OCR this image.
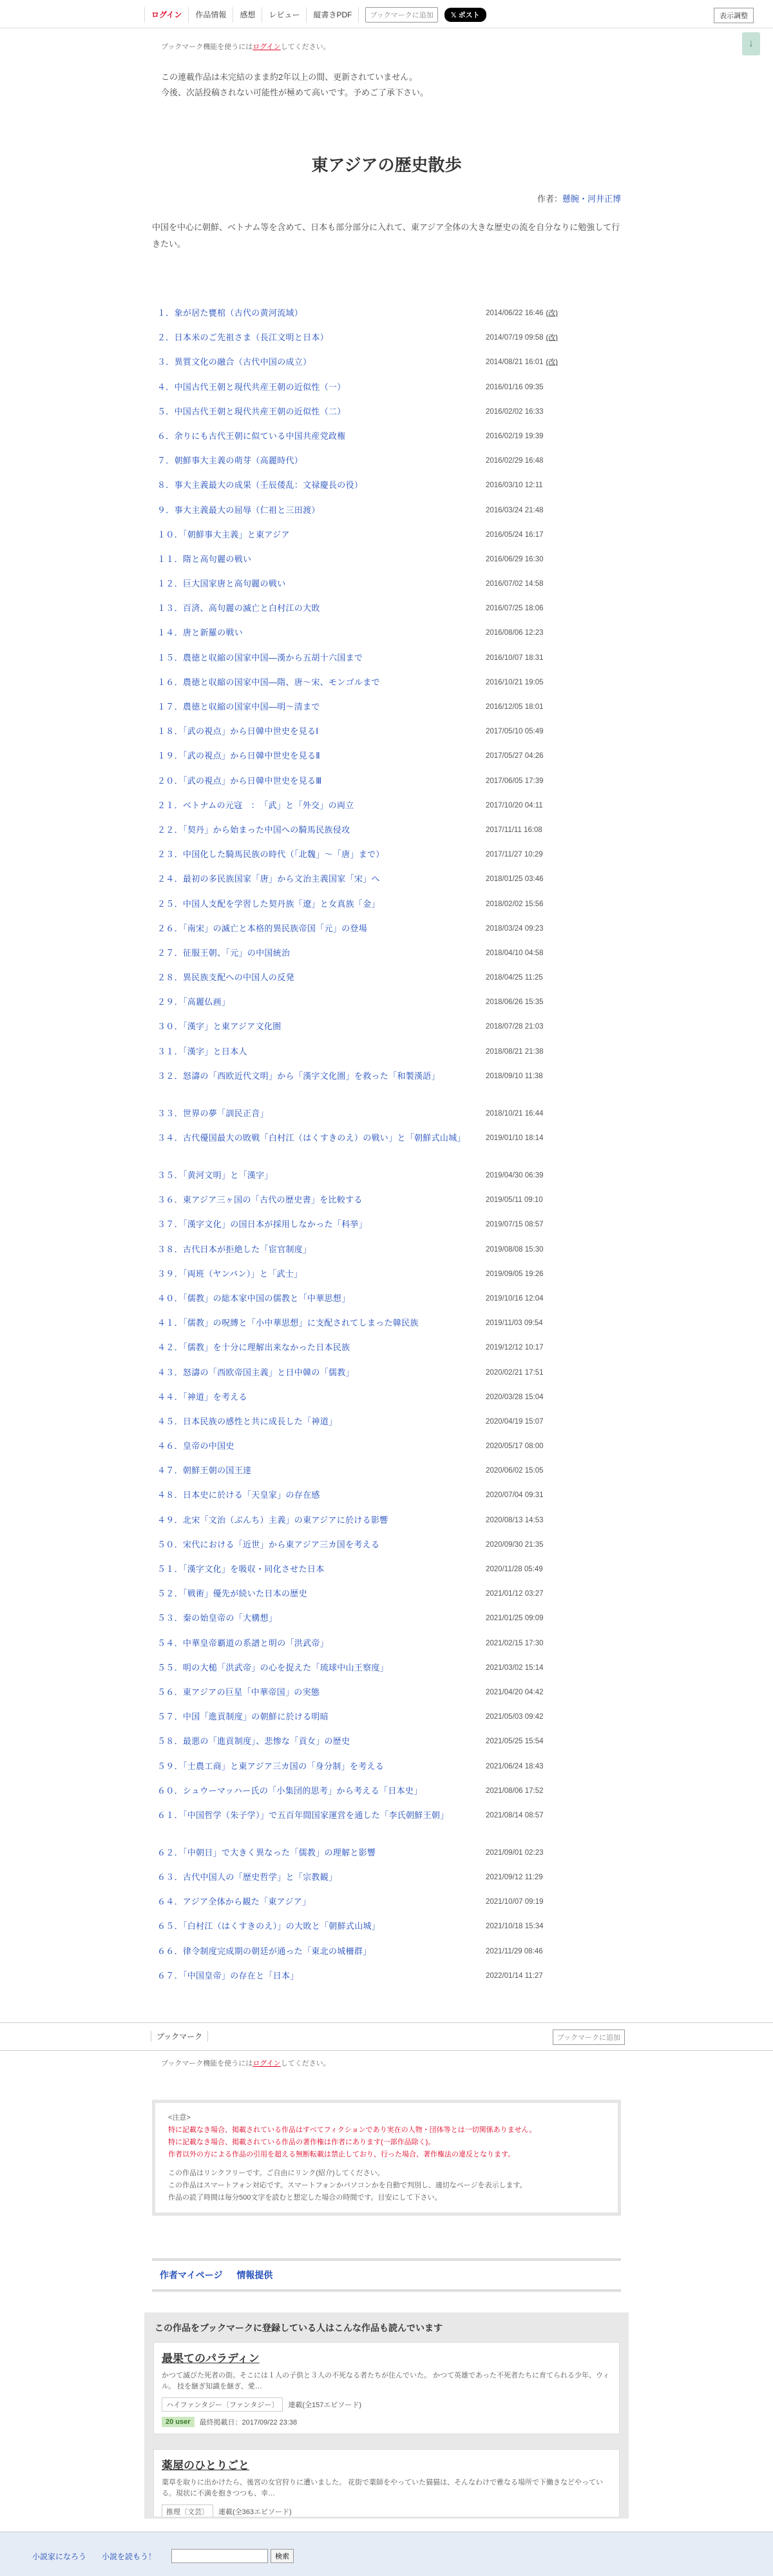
ログイン	作品情報	感想	レビュー	縦書きPDF	ブックマークに追加	𝕏 ポスト	表示調整
↓
ブックマーク機能を使うにはログインしてください。
この連載作品は未完結のまま約2年以上の間、更新されていません。
今後、次話投稿されない可能性が極めて高いです。予めご了承下さい。
東アジアの歴史散歩
作者：懸腕・河井正博
中国を中心に朝鮮、ベトナム等を含めて、日本も部分部分に入れて、東アジア全体の大きな歴史の流を自分なりに勉強して行きたい。
１．象が居た甕棺（古代の黄河流域）	2014/06/22 16:46 (改)
２．日本米のご先祖さま（長江文明と日本）	2014/07/19 09:58 (改)
３．異質文化の融合（古代中国の成立）	2014/08/21 16:01 (改)
４．中国古代王朝と現代共産王朝の近似性（一）	2016/01/16 09:35
５．中国古代王朝と現代共産王朝の近似性（二）	2016/02/02 16:33
６．余りにも古代王朝に似ている中国共産党政権	2016/02/19 19:39
７．朝鮮事大主義の萌芽（高麗時代）	2016/02/29 16:48
８．事大主義最大の成果（壬辰倭乱：文禄慶長の役）	2016/03/10 12:11
９．事大主義最大の屈辱（仁祖と三田渡）	2016/03/24 21:48
１０．「朝鮮事大主義」と東アジア	2016/05/24 16:17
１１．隋と高句麗の戦い	2016/06/29 16:30
１２．巨大国家唐と高句麗の戦い	2016/07/02 14:58
１３．百済、高句麗の滅亡と白村江の大敗	2016/07/25 18:06
１４．唐と新羅の戦い	2016/08/06 12:23
１５．農徳と収縮の国家中国―漢から五胡十六国まで	2016/10/07 18:31
１６．農徳と収縮の国家中国―隋、唐～宋、モンゴルまで	2016/10/21 19:05
１７．農徳と収縮の国家中国―明～清まで	2016/12/05 18:01
１８．「武の視点」から日韓中世史を見るⅠ	2017/05/10 05:49
１９．「武の視点」から日韓中世史を見るⅡ	2017/05/27 04:26
２０．「武の視点」から日韓中世史を見るⅢ	2017/06/05 17:39
２１．ベトナムの元寇　：　「武」と「外交」の両立	2017/10/20 04:11
２２．「契丹」から始まった中国への騎馬民族侵攻	2017/11/11 16:08
２３．中国化した騎馬民族の時代（「北魏」～「唐」まで）	2017/11/27 10:29
２４．最初の多民族国家「唐」から文治主義国家「宋」へ	2018/01/25 03:46
２５．中国人支配を学習した契丹族「遼」と女真族「金」	2018/02/02 15:56
２６．「南宋」の滅亡と本格的異民族帝国「元」の登場	2018/03/24 09:23
２７．征服王朝、「元」の中国統治	2018/04/10 04:58
２８．異民族支配への中国人の反発	2018/04/25 11:25
２９．「高麗仏画」	2018/06/26 15:35
３０．「漢字」と東アジア文化圏	2018/07/28 21:03
３１．「漢字」と日本人	2018/08/21 21:38
３２．怒濤の「西欧近代文明」から「漢字文化圏」を救った「和製漢語」	2018/09/10 11:38
３３．世界の夢「訓民正音」	2018/10/21 16:44
３４．古代優国最大の敗戦「白村江（はくすきのえ）の戦い」と「朝鮮式山城」	2019/01/10 18:14
３５．「黄河文明」と「漢字」	2019/04/30 06:39
３６．東アジア三ヶ国の「古代の歴史書」を比較する	2019/05/11 09:10
３７．「漢字文化」の国日本が採用しなかった「科挙」	2019/07/15 08:57
３８．古代日本が拒絶した「宦官制度」	2019/08/08 15:30
３９．「両班（ヤンバン）」と「武士」	2019/09/05 19:26
４０．「儒教」の総本家中国の儒教と「中華思想」	2019/10/16 12:04
４１．「儒教」の呪縛と「小中華思想」に支配されてしまった韓民族	2019/11/03 09:54
４２．「儒教」を十分に理解出来なかった日本民族	2019/12/12 10:17
４３．怒濤の「西欧帝国主義」と日中韓の「儒教」	2020/02/21 17:51
４４．「神道」を考える	2020/03/28 15:04
４５．日本民族の感性と共に成長した「神道」	2020/04/19 15:07
４６．皇帝の中国史	2020/05/17 08:00
４７．朝鮮王朝の国王達	2020/06/02 15:05
４８．日本史に於ける「天皇家」の存在感	2020/07/04 09:31
４９．北宋「文治（ぶんち）主義」の東アジアに於ける影響	2020/08/13 14:53
５０．宋代における「近世」から東アジア三カ国を考える	2020/09/30 21:35
５１．「漢字文化」を吸収・同化させた日本	2020/11/28 05:49
５２．「戦術」優先が続いた日本の歴史	2021/01/12 03:27
５３．秦の始皇帝の「大構想」	2021/01/25 09:09
５４．中華皇帝覇道の系譜と明の「洪武帝」	2021/02/15 17:30
５５．明の大槌「洪武帝」の心を捉えた「琉球中山王察度」	2021/03/02 15:14
５６．東アジアの巨星「中華帝国」の実態	2021/04/20 04:42
５７．中国「進貢制度」の朝鮮に於ける明暗	2021/05/03 09:42
５８．最悪の「進貢制度」、悲惨な「貢女」の歴史	2021/05/25 15:54
５９．「士農工商」と東アジア三カ国の「身分制」を考える	2021/06/24 18:43
６０．シュウーマッハー氏の「小集団的思考」から考える「日本史」	2021/08/06 17:52
６１．「中国哲学（朱子学）」で五百年間国家運営を通した「李氏朝鮮王朝」	2021/08/14 08:57
６２．「中朝日」で大きく異なった「儒教」の理解と影響	2021/09/01 02:23
６３．古代中国人の「歴史哲学」と「宗教観」	2021/09/12 11:29
６４．アジア全体から観た「東アジア」	2021/10/07 09:19
６５．「白村江（はくすきのえ）」の大敗と「朝鮮式山城」	2021/10/18 15:34
６６．律令制度完成期の朝廷が通った「東北の城柵群」	2021/11/29 08:46
６７．「中国皇帝」の存在と「日本」	2022/01/14 11:27
ブックマーク	ブックマークに追加
ブックマーク機能を使うにはログインしてください。
<注意>
特に記載なき場合、掲載されている作品はすべてフィクションであり実在の人物・団体等とは一切関係ありません。
特に記載なき場合、掲載されている作品の著作権は作者にあります(一部作品除く)。
作者以外の方による作品の引用を超える無断転載は禁止しており、行った場合、著作権法の違反となります。
この作品はリンクフリーです。ご自由にリンク(紹介)してください。
この作品はスマートフォン対応です。スマートフォンかパソコンかを自動で判別し、適切なページを表示します。
作品の読了時間は毎分500文字を読むと想定した場合の時間です。目安にして下さい。
作者マイページ 情報提供
この作品をブックマークに登録している人はこんな作品も読んでいます
最果てのパラディン
かつて滅びた死者の街。そこには１人の子供と３人の不死なる者たちが住んでいた。 かつて英雄であった不死者たちに育てられる少年、ウィル。 技を継ぎ知識を継ぎ、愛…
ハイファンタジー〔ファンタジー〕	連載(全157エピソード)
20 user	最終掲載日：2017/09/22 23:38
薬屋のひとりごと
薬草を取りに出かけたら、後宮の女官狩りに遭いました。 花街で薬師をやっていた猫猫は、そんなわけで雅なる場所で下働きなどやっている。現状に不満を抱きつつも、幸…
推理〔文芸〕	連載(全363エピソード)
小説家になろう 小説を読もう！	検索
